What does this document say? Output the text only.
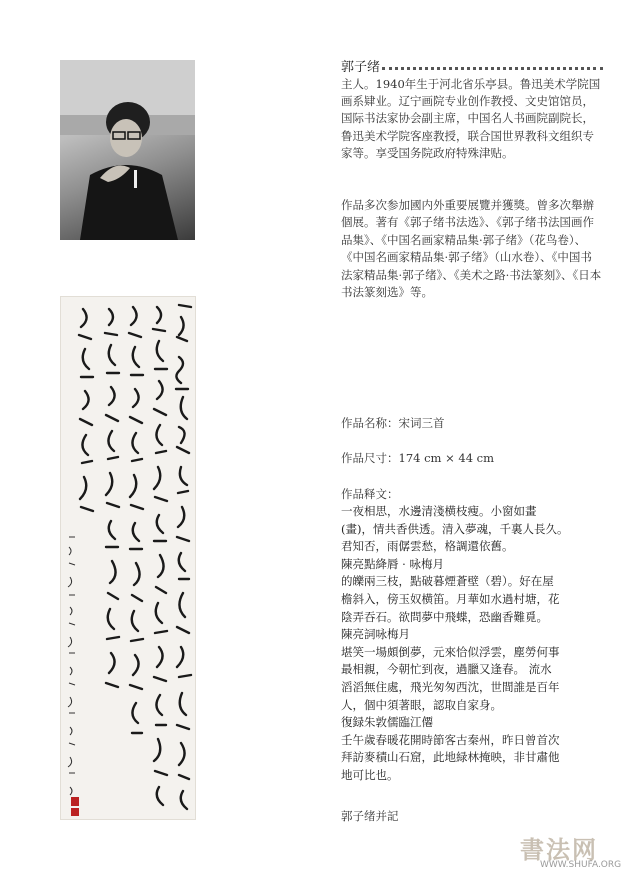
郭子绪

主人。1940年生于河北省乐亭县。鲁迅美术学院国画系肄业。辽宁画院专业创作教授、文史馆馆员，国际书法家协会副主席，中国名人书画院副院长，鲁迅美术学院客座教授，联合国世界教科文组织专家等。享受国务院政府特殊津贴。

作品多次参加國内外重要展覽并獲獎。曾多次舉辦個展。著有《郭子绪书法选》、《郭子绪书法国画作品集》、《中国名画家精品集·郭子绪》（花鸟卷）、《中国名画家精品集·郭子绪》（山水卷）、《中国书法家精品集·郭子绪》、《美术之路·书法篆刻》、《日本书法篆刻选》等。

作品名称：宋词三首
作品尺寸：174 cm × 44 cm
作品释文：
一夜相思，水邊清淺横枝瘦。小窗如畫
(畫)，情共香供透。清入夢魂，千裏人長久。
君知否，雨僝雲愁，格調還依舊。
陳亮點絳脣 · 咏梅月
的皪兩三枝，點破暮煙蒼壁（碧）。好在屋
檐斜入，傍玉奴横笛。月華如水過村塘，花
陰弄吞石。欲問夢中飛蝶，恐幽香難覓。
陳亮詞咏梅月
堪笑一場頗倒夢，元來恰似浮雲，塵勞何事
最相親，今朝忙到夜，過臘又逢春。 流水
滔滔無住處，飛光匆匆西沈，世間誰是百年
人，個中須著眼，認取自家身。
復録朱敦儒臨江僊
壬午歲春暖花開時節客古秦州，昨日曾首次
拜訪麥積山石窟，此地緑林掩映，非甘肅他
地可比也。
郭子绪并記
書法网
WWW.SHUFA.ORG
